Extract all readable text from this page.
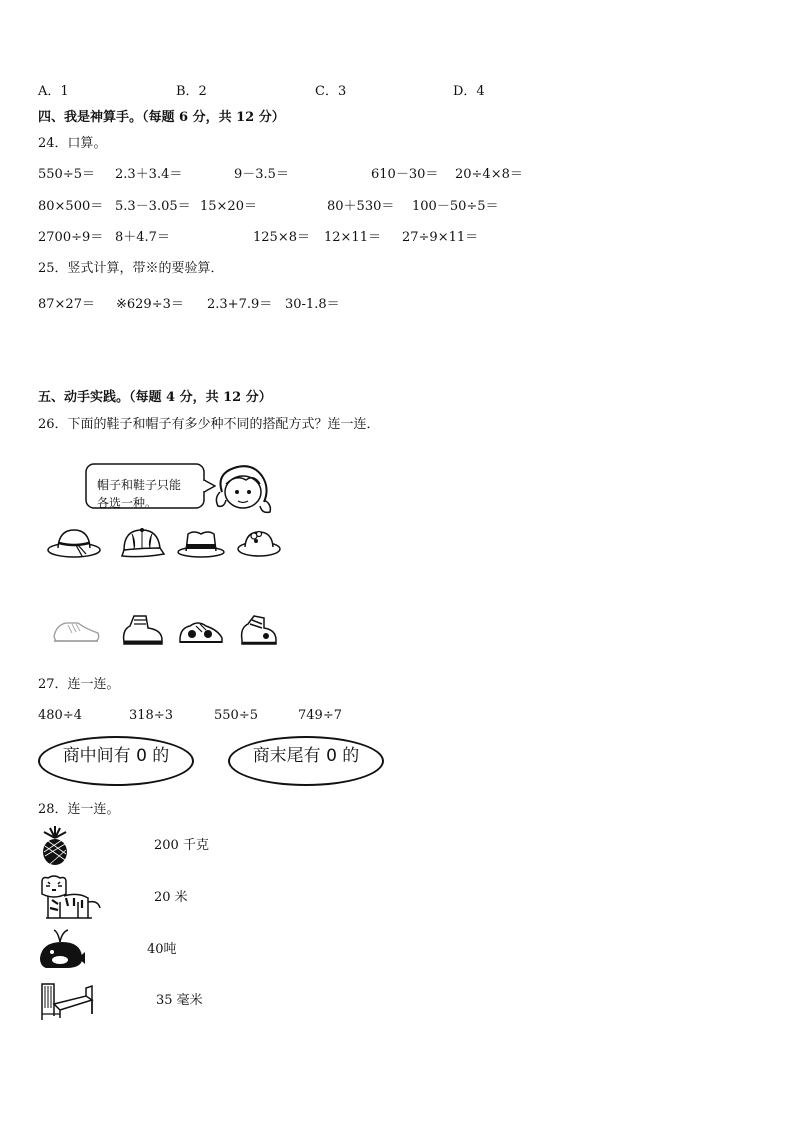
A．1	B．2	C．3	D．4
四、我是神算手。（每题 6 分，共 12 分）
24．口算。
550÷5＝ 2.3＋3.4＝	9－3.5＝	610－30＝ 20÷4×8＝
80×500＝ 5.3－3.05＝ 15×20＝	80＋530＝ 100－50÷5＝
2700÷9＝ 8＋4.7＝	125×8＝ 12×11＝ 27÷9×11＝
25．竖式计算，带※的要验算．
87×27＝ ※629÷3＝ 2.3+7.9＝ 30-1.8＝
五、动手实践。（每题 4 分，共 12 分）
26．下面的鞋子和帽子有多少种不同的搭配方式？连一连．
帽子和鞋子只能
各选一种。
27．连一连。
480÷4	318÷3	550÷5	749÷7
商中间有 0 的	商末尾有 0 的
28．连一连。
200 千克
20 米
40吨
35 毫米
